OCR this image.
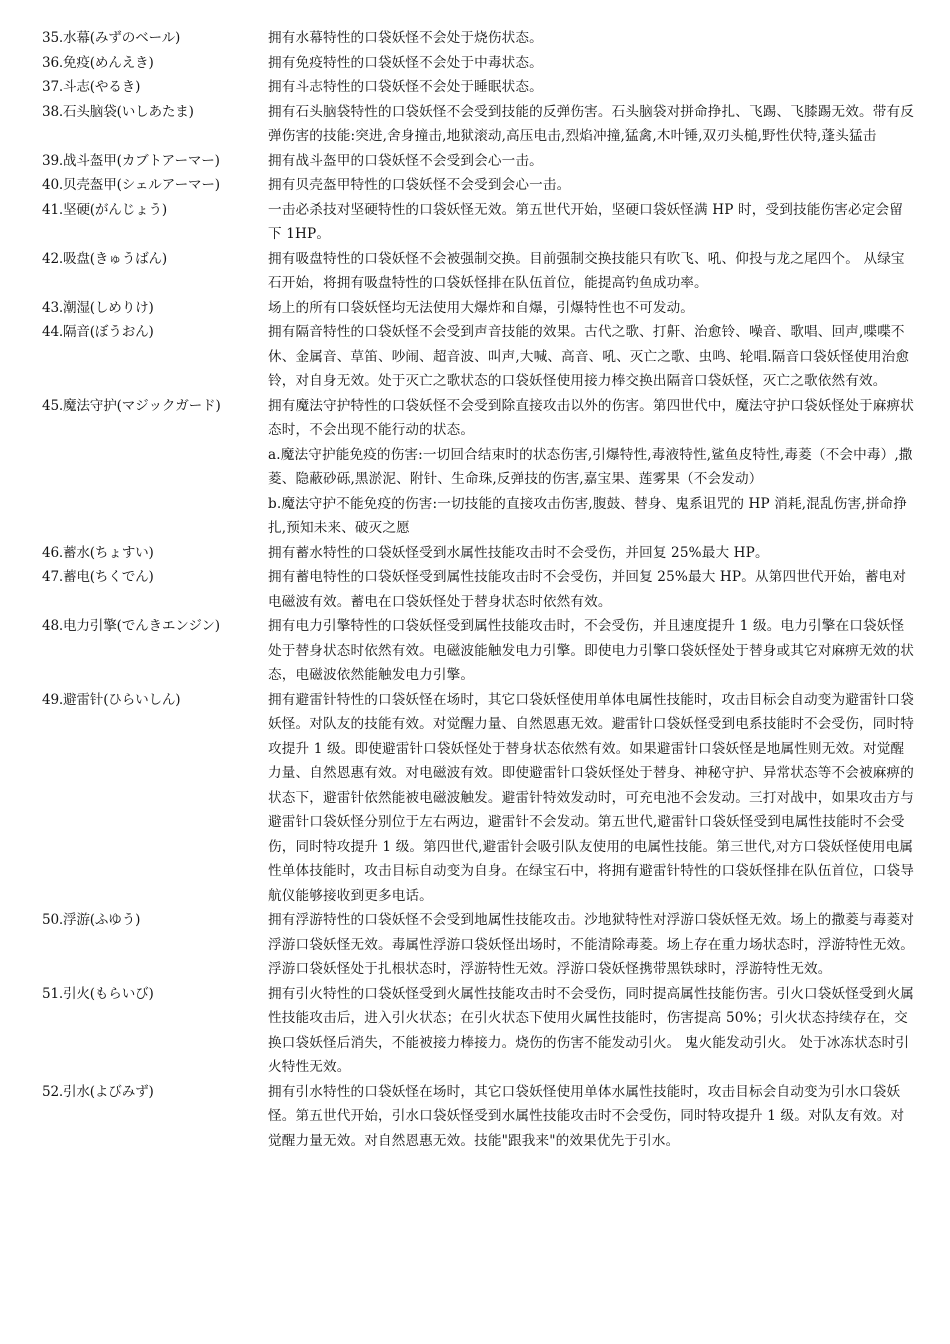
35.水幕(みずのベール)	拥有水幕特性的口袋妖怪不会处于烧伤状态。

36.免疫(めんえき)	拥有免疫特性的口袋妖怪不会处于中毒状态。

37.斗志(やるき)	拥有斗志特性的口袋妖怪不会处于睡眠状态。

38.石头脑袋(いしあたま)	拥有石头脑袋特性的口袋妖怪不会受到技能的反弹伤害。石头脑袋对拼命挣扎、飞踢、飞膝踢无效。带有反弹伤害的技能:突进,舍身撞击,地狱滚动,高压电击,烈焰冲撞,猛禽,木叶锤,双刃头槌,野性伏特,蓬头猛击

39.战斗盔甲(カブトアーマー)	拥有战斗盔甲的口袋妖怪不会受到会心一击。

40.贝壳盔甲(シェルアーマー)	拥有贝壳盔甲特性的口袋妖怪不会受到会心一击。

41.坚硬(がんじょう)	一击必杀技对坚硬特性的口袋妖怪无效。第五世代开始，坚硬口袋妖怪满 HP 时，受到技能伤害必定会留下 1HP。

42.吸盘(きゅうばん)	拥有吸盘特性的口袋妖怪不会被强制交换。目前强制交换技能只有吹飞、吼、仰投与龙之尾四个。 从绿宝石开始，将拥有吸盘特性的口袋妖怪排在队伍首位，能提高钓鱼成功率。

43.潮湿(しめりけ)	场上的所有口袋妖怪均无法使用大爆炸和自爆，引爆特性也不可发动。

44.隔音(ぼうおん)	拥有隔音特性的口袋妖怪不会受到声音技能的效果。古代之歌、打鼾、治愈铃、噪音、歌唱、回声,喋喋不休、金属音、草笛、吵闹、超音波、叫声,大喊、高音、吼、灭亡之歌、虫鸣、轮唱.隔音口袋妖怪使用治愈铃，对自身无效。处于灭亡之歌状态的口袋妖怪使用接力棒交换出隔音口袋妖怪，灭亡之歌依然有效。

45.魔法守护(マジックガード)	拥有魔法守护特性的口袋妖怪不会受到除直接攻击以外的伤害。第四世代中，魔法守护口袋妖怪处于麻痹状态时，不会出现不能行动的状态。

a.魔法守护能免疫的伤害:一切回合结束时的状态伤害,引爆特性,毒液特性,鲨鱼皮特性,毒菱（不会中毒）,撒菱、隐蔽砂砾,黑淤泥、附针、生命珠,反弹技的伤害,嘉宝果、莲雾果（不会发动）

b.魔法守护不能免疫的伤害:一切技能的直接攻击伤害,腹鼓、替身、鬼系诅咒的 HP 消耗,混乱伤害,拼命挣扎,预知未来、破灭之愿

46.蓄水(ちょすい)	拥有蓄水特性的口袋妖怪受到水属性技能攻击时不会受伤，并回复 25%最大 HP。

47.蓄电(ちくでん)	拥有蓄电特性的口袋妖怪受到属性技能攻击时不会受伤，并回复 25%最大 HP。从第四世代开始，蓄电对电磁波有效。蓄电在口袋妖怪处于替身状态时依然有效。

48.电力引擎(でんきエンジン)	拥有电力引擎特性的口袋妖怪受到属性技能攻击时，不会受伤，并且速度提升 1 级。电力引擎在口袋妖怪处于替身状态时依然有效。电磁波能触发电力引擎。即使电力引擎口袋妖怪处于替身或其它对麻痹无效的状态，电磁波依然能触发电力引擎。

49.避雷针(ひらいしん)	拥有避雷针特性的口袋妖怪在场时，其它口袋妖怪使用单体电属性技能时，攻击目标会自动变为避雷针口袋妖怪。对队友的技能有效。对觉醒力量、自然恩惠无效。避雷针口袋妖怪受到电系技能时不会受伤，同时特攻提升 1 级。即使避雷针口袋妖怪处于替身状态依然有效。如果避雷针口袋妖怪是地属性则无效。对觉醒力量、自然恩惠有效。对电磁波有效。即使避雷针口袋妖怪处于替身、神秘守护、异常状态等不会被麻痹的状态下，避雷针依然能被电磁波触发。避雷针特效发动时，可充电池不会发动。三打对战中，如果攻击方与避雷针口袋妖怪分别位于左右两边，避雷针不会发动。第五世代,避雷针口袋妖怪受到电属性技能时不会受伤，同时特攻提升 1 级。第四世代,避雷针会吸引队友使用的电属性技能。第三世代,对方口袋妖怪使用电属性单体技能时，攻击目标自动变为自身。在绿宝石中，将拥有避雷针特性的口袋妖怪排在队伍首位，口袋导航仪能够接收到更多电话。

50.浮游(ふゆう)	拥有浮游特性的口袋妖怪不会受到地属性技能攻击。沙地狱特性对浮游口袋妖怪无效。场上的撒菱与毒菱对浮游口袋妖怪无效。毒属性浮游口袋妖怪出场时，不能清除毒菱。场上存在重力场状态时，浮游特性无效。浮游口袋妖怪处于扎根状态时，浮游特性无效。浮游口袋妖怪携带黑铁球时，浮游特性无效。

51.引火(もらいび)	拥有引火特性的口袋妖怪受到火属性技能攻击时不会受伤，同时提高属性技能伤害。引火口袋妖怪受到火属性技能攻击后，进入引火状态；在引火状态下使用火属性技能时，伤害提高 50%；引火状态持续存在，交换口袋妖怪后消失，不能被接力棒接力。烧伤的伤害不能发动引火。 鬼火能发动引火。 处于冰冻状态时引火特性无效。

52.引水(よびみず)	拥有引水特性的口袋妖怪在场时，其它口袋妖怪使用单体水属性技能时，攻击目标会自动变为引水口袋妖怪。第五世代开始，引水口袋妖怪受到水属性技能攻击时不会受伤，同时特攻提升 1 级。对队友有效。对觉醒力量无效。对自然恩惠无效。技能"跟我来"的效果优先于引水。
